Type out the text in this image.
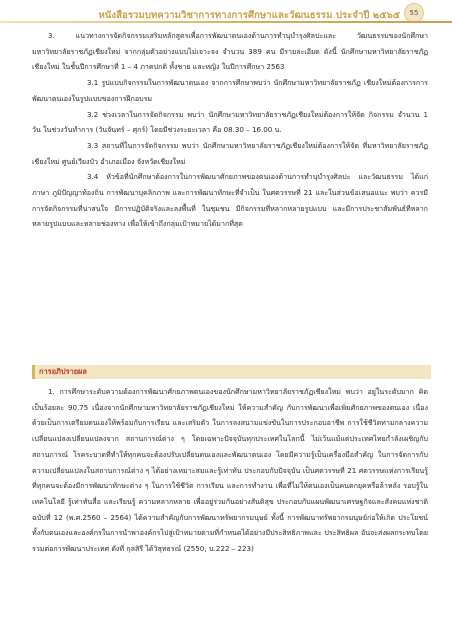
หนังสือรวมบทความวิชาการทางการศึกษาและวัฒนธรรม ประจำปี ๒๕๖๕	55

3. แนวทางการจัดกิจกรรมเสริมหลักสูตรเพื่อการพัฒนาตนเองด้านการทำนุบำรุงศิลปะและ	วัฒนธรรมของนักศึกษามหาวิทยาลัยราชภัฏเชียงใหม่ จากกลุ่มตัวอย่างแบบไม่เจาะจง จำนวน 389 คน มีรายละเอียด ดังนี้ นักศึกษามหาวิทยาลัยราชภัฏเชียงใหม่ ในชั้นปีการศึกษาที่ 1 – 4 ภาคปกติ ทั้งชาย และหญิง ในปีการศึกษา 2563

3.1 รูปแบบกิจกรรมในการพัฒนาตนเอง จากการศึกษาพบว่า นักศึกษามหาวิทยาลัยราชภัฏ เชียงใหม่ต้องการการพัฒนาตนเองในรูปแบบของการฝึกอบรม

3.2 ช่วงเวลาในการจัดกิจกรรม พบว่า นักศึกษามหาวิทยาลัยราชภัฏเชียงใหม่ต้องการให้จัด กิจกรรม จำนวน 1 วัน ในช่วงวันทำการ (วันจันทร์ – ศุกร์) โดยมีช่วงระยะเวลา คือ 08.30 – 16.00 น.

3.3 สถานที่ในการจัดกิจกรรม พบว่า นักศึกษามหาวิทยาลัยราชภัฏเชียงใหม่ต้องการให้จัด ที่มหาวิทยาลัยราชภัฏเชียงใหม่ ศูนย์เวียงบัว อำเภอเมือง จังหวัดเชียงใหม่

3.4 หัวข้อที่นักศึกษาต้องการในการพัฒนาศักยภาพของตนเองด้านการทำนุบำรุงศิลปะ และวัฒนธรรม ได้แก่ ภาษา ภูมิปัญญาท้องถิ่น การพัฒนาบุคลิกภาพ และการพัฒนาทักษะที่จำเป็น ในศตวรรษที่ 21 และในส่วนข้อเสนอแนะ พบว่า ควรมีการจัดกิจกรรมที่น่าสนใจ มีการปฏิบัติจริงและลงพื้นที่ ในชุมชน มีกิจกรรมที่หลากหลายรูปแบบ และมีการประชาสัมพันธ์ที่หลากหลายรูปแบบและหลายช่องทาง เพื่อให้เข้าถึงกลุ่มเป้าหมายได้มากที่สุด

การอภิปรายผล

1. การศึกษาระดับความต้องการพัฒนาศักยภาพตนเองของนักศึกษามหาวิทยาลัยราชภัฏเชียงใหม่ พบว่า อยู่ในระดับมาก คิดเป็นร้อยละ 90.75 เนื่องจากนักศึกษามหาวิทยาลัยราชภัฏเชียงใหม่ ให้ความสำคัญ กับการพัฒนาเพื่อเพิ่มศักยภาพของตนเอง เนื่องด้วยเป็นการเตรียมตนเองให้พร้อมกับการเรียน และเสริมตัว ในการลงสนามแข่งขันในการประกอบอาชีพ การใช้ชีวิตท่ามกลางความเปลี่ยนแปลงเปลี่ยนแปลงจาก สถานการณ์ต่าง ๆ โดยเฉพาะปัจจุบันทุกประเทศในโลกนี้ ไม่เว้นแม้แต่ประเทศไทยกำลังเผชิญกับสถานการณ์ โรคระบาดที่ทำให้ทุกคนจะต้องปรับเปลี่ยนตนเองและพัฒนาตนเอง โดยมีความรู้เป็นเครื่องมือสำคัญ ในการจัดการกับความเปลี่ยนแปลงในสถานการณ์ต่าง ๆ ได้อย่างเหมาะสมและรู้เท่าทัน ประกอบกับปัจจุบัน เป็นศตวรรษที่ 21 ศตวรรษแห่งการเรียนรู้ที่ทุกคนจะต้องมีการพัฒนาทักษะต่าง ๆ ในการใช้ชีวิต การเรียน และการทำงาน เพื่อที่ไม่ให้ตนเองเป็นคนตกยุคหรือล้าหลัง รอบรู้ในเทคโนโลยี รู้เท่าทันสื่อ และเรียนรู้ ความหลากหลาย เพื่ออยู่ร่วมกันอย่างสันติสุข ประกอบกับแผนพัฒนาเศรษฐกิจและสังคมแห่งชาติ ฉบับที่ 12 (พ.ศ.2560 – 2564) ได้ความสำคัญกับการพัฒนาทรัพยากรมนุษย์ ทั้งนี้ การพัฒนาทรัพยากรมนุษย์ก่อให้เกิด ประโยชน์ทั้งกับตนเองและองค์กรในการนำพาองค์กรไปสู่เป้าหมายตามที่กำหนดได้อย่างมีประสิทธิภาพและ ประสิทธิผล อันจะส่งผลกระทบโดยรวมต่อการพัฒนาประเทศ ดังที่ กุลสิรี ได้วิสุทธรณ์ (2550, น.222 – 223)
